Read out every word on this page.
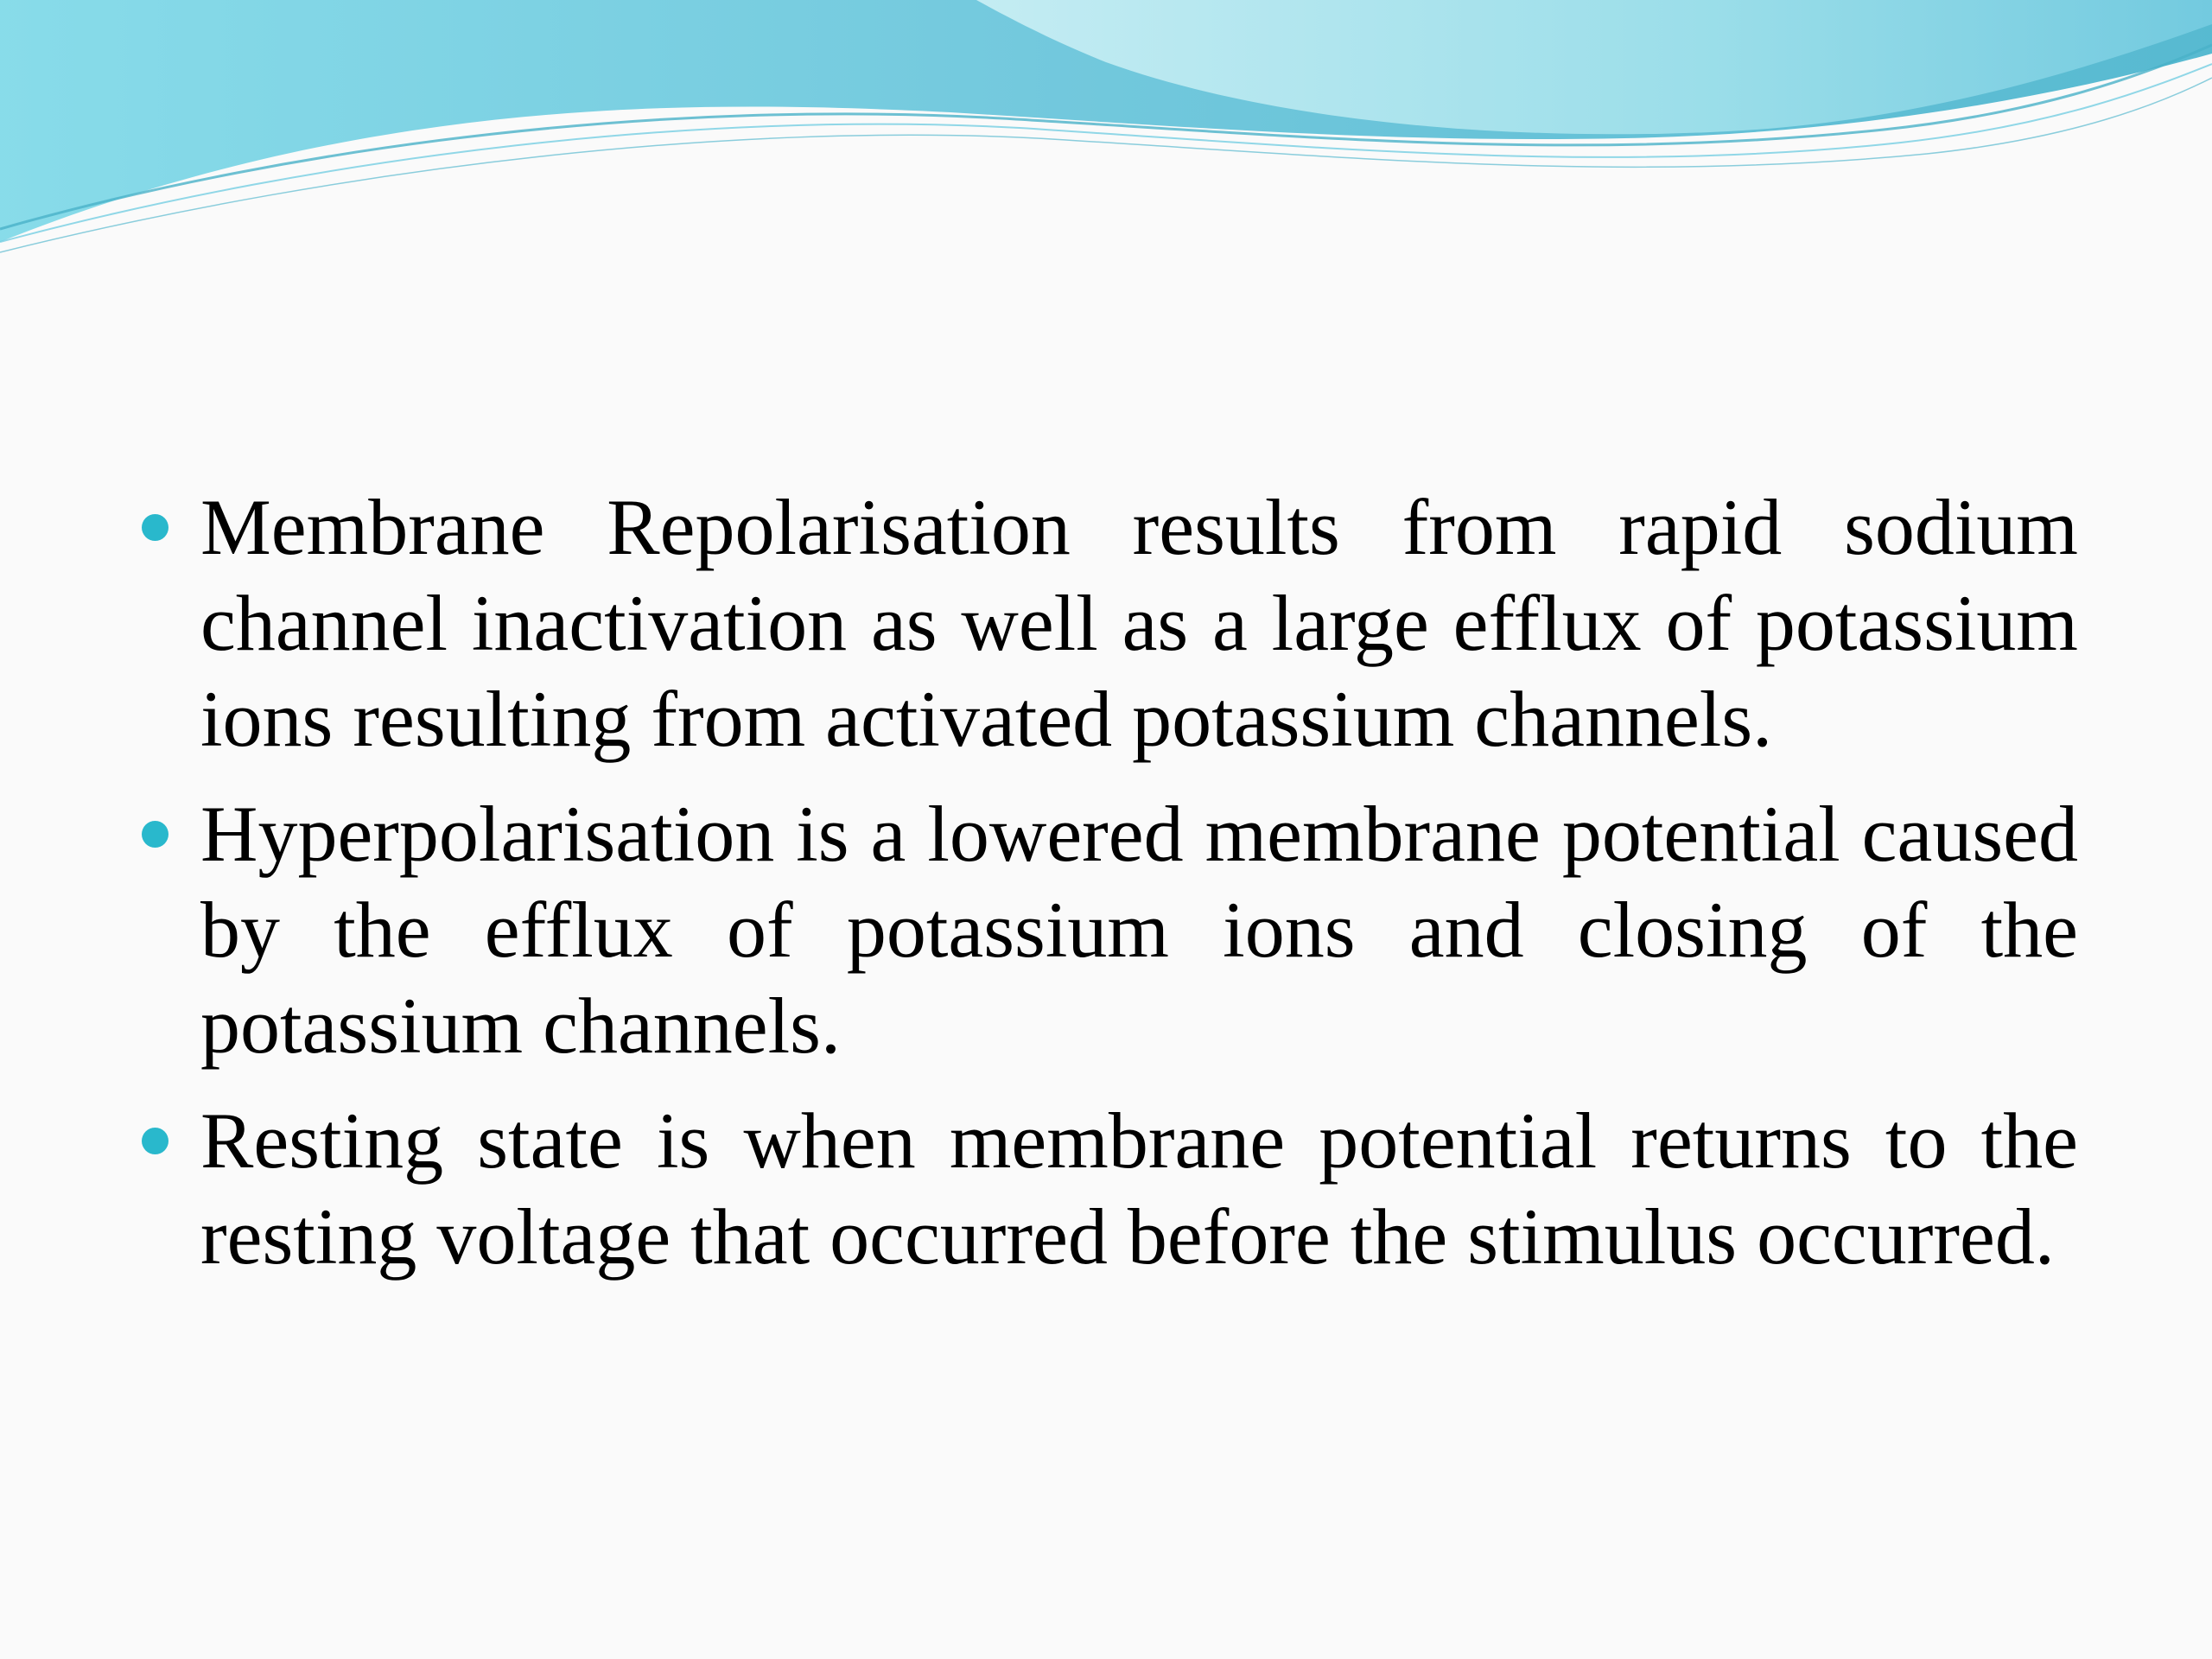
Membrane Repolarisation results from rapid sodium channel inactivation as well as a large efflux of potassium ions resulting from activated potassium channels.
Hyperpolarisation is a lowered membrane potential caused by the efflux of potassium ions and closing of the potassium channels.
Resting state is when membrane potential returns to the resting voltage that occurred before the stimulus occurred.
